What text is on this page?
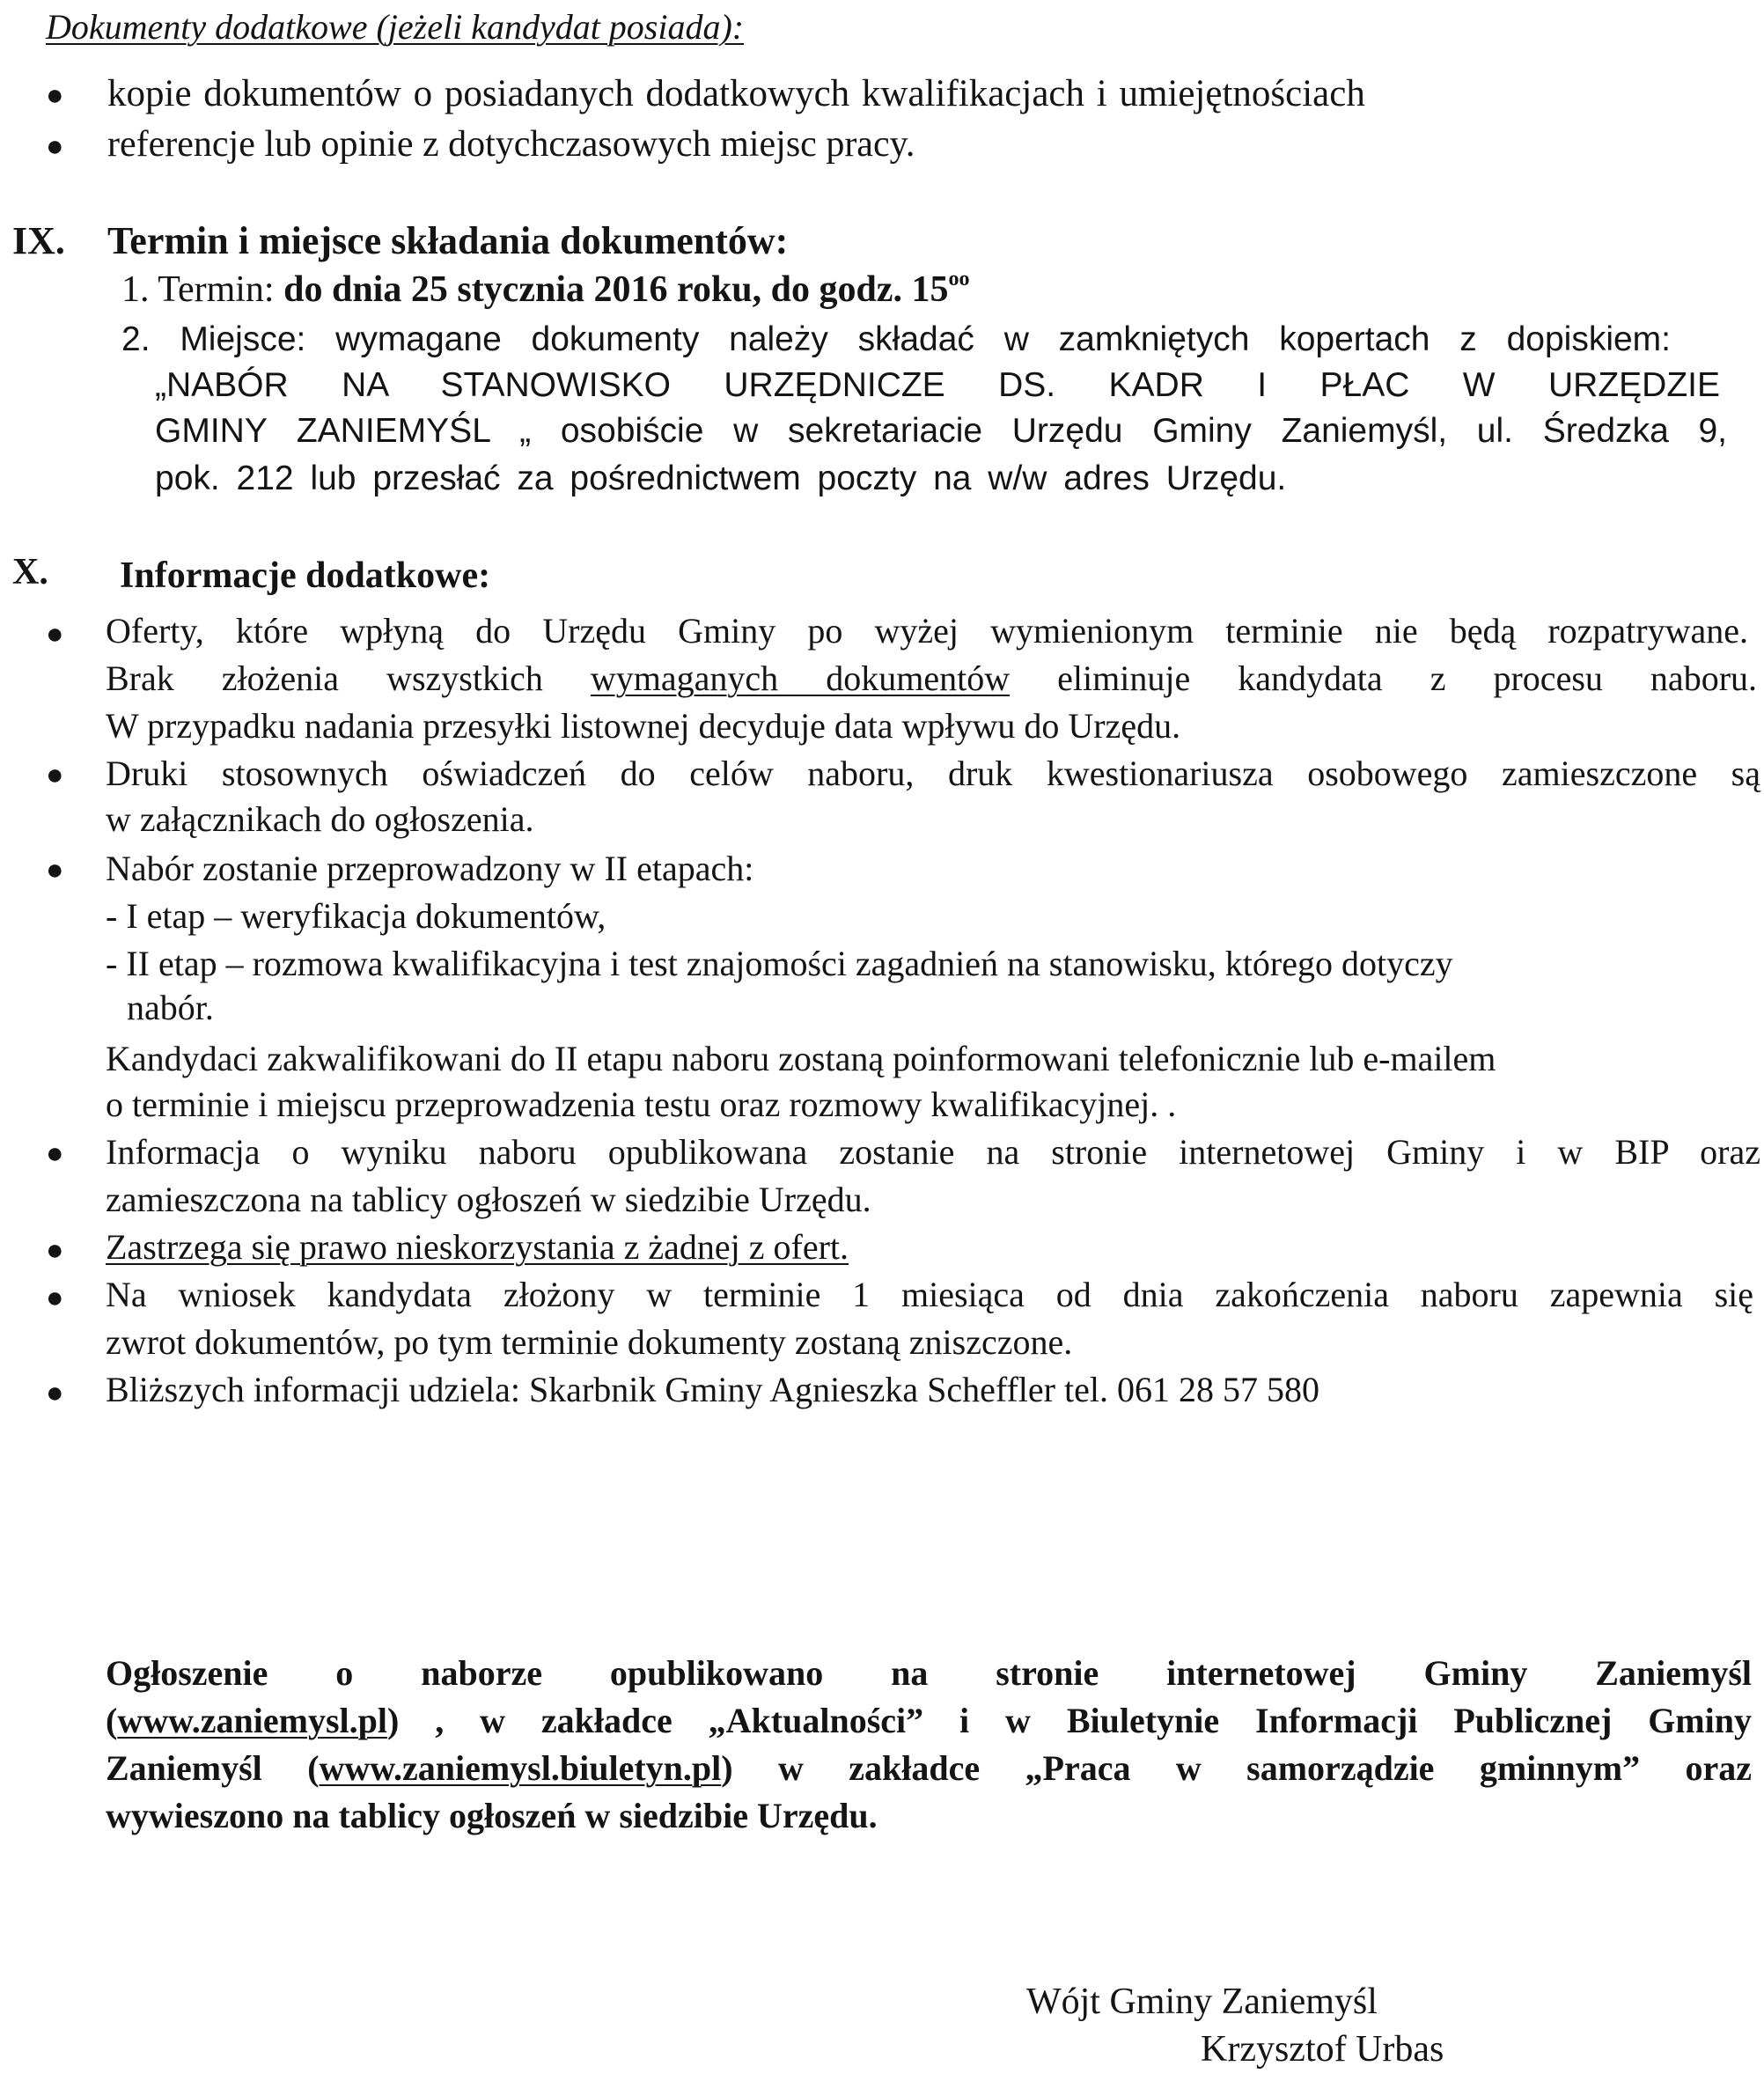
Dokumenty dodatkowe (jeżeli kandydat posiada):
● kopie dokumentów o posiadanych dodatkowych kwalifikacjach i umiejętnościach
● referencje lub opinie z dotychczasowych miejsc pracy.
IX. Termin i miejsce składania dokumentów:
1. Termin: do dnia 25 stycznia 2016 roku, do godz. $15^{oo}$
2. Miejsce: wymagane dokumenty należy składać w zamkniętych kopertach z dopiskiem:
„NABÓR NA STANOWISKO URZĘDNICZE DS. KADR I PŁAC W URZĘDZIE
GMINY ZANIEMYŚL „ osobiście w sekretariacie Urzędu Gminy Zaniemyśl, ul. Średzka 9,
pok. 212 lub przesłać za pośrednictwem poczty na w/w adres Urzędu.
X. Informacje dodatkowe:
● Oferty, które wpłyną do Urzędu Gminy po wyżej wymienionym terminie nie będą rozpatrywane.
Brak złożenia wszystkich wymaganych dokumentów eliminuje kandydata z procesu naboru.
W przypadku nadania przesyłki listownej decyduje data wpływu do Urzędu.
● Druki stosownych oświadczeń do celów naboru, druk kwestionariusza osobowego zamieszczone są
w załącznikach do ogłoszenia.
● Nabór zostanie przeprowadzony w II etapach:
- I etap – weryfikacja dokumentów,
- II etap – rozmowa kwalifikacyjna i test znajomości zagadnień na stanowisku, którego dotyczy
nabór.
Kandydaci zakwalifikowani do II etapu naboru zostaną poinformowani telefonicznie lub e-mailem
o terminie i miejscu przeprowadzenia testu oraz rozmowy kwalifikacyjnej. .
● Informacja o wyniku naboru opublikowana zostanie na stronie internetowej Gminy i w BIP oraz
zamieszczona na tablicy ogłoszeń w siedzibie Urzędu.
● Zastrzega się prawo nieskorzystania z żadnej z ofert.
● Na wniosek kandydata złożony w terminie 1 miesiąca od dnia zakończenia naboru zapewnia się
zwrot dokumentów, po tym terminie dokumenty zostaną zniszczone.
● Bliższych informacji udziela: Skarbnik Gminy Agnieszka Scheffler tel. 061 28 57 580
Ogłoszenie o naborze opublikowano na stronie internetowej Gminy Zaniemyśl
(www.zaniemysl.pl) , w zakładce „Aktualności” i w Biuletynie Informacji Publicznej Gminy
Zaniemyśl (www.zaniemysl.biuletyn.pl) w zakładce „Praca w samorządzie gminnym” oraz
wywieszono na tablicy ogłoszeń w siedzibie Urzędu.
Wójt Gminy Zaniemyśl
Krzysztof Urbas
